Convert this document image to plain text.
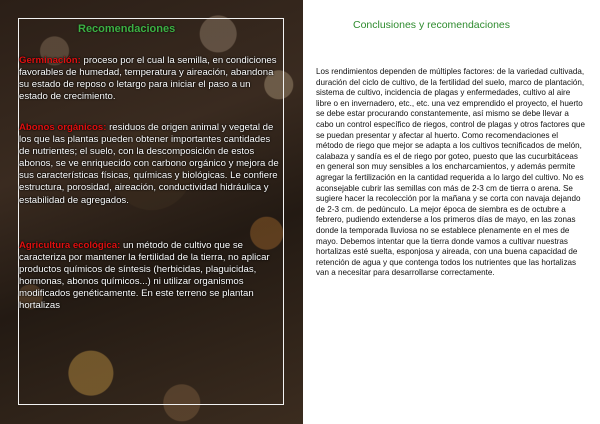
Recomendaciones
Germinación: proceso por el cual la semilla, en condiciones favorables de humedad, temperatura y aireación, abandona su estado de reposo o letargo para iniciar el paso a un estado de crecimiento.
Abonos orgánicos: residuos de origen animal y vegetal de los que las plantas pueden obtener importantes cantidades de nutrientes; el suelo, con la descomposición de estos abonos, se ve enriquecido con carbono orgánico y mejora de sus características físicas, químicas y biológicas. Le confiere estructura, porosidad, aireación, conductividad hidráulica y estabilidad de agregados.
Agricultura ecológica: un método de cultivo que se caracteriza por mantener la fertilidad de la tierra, no aplicar productos químicos de síntesis (herbicidas, plaguicidas, hormonas, abonos químicos...) ni utilizar organismos modificados genéticamente. En este terreno se plantan hortalizas
Conclusiones y recomendaciones
Los rendimientos dependen de múltiples factores: de la variedad cultivada, duración del ciclo de cultivo, de la fertilidad del suelo, marco de plantación, sistema de cultivo, incidencia de plagas y enfermedades, cultivo al aire libre o en invernadero, etc., etc. una vez emprendido el proyecto, el huerto se debe estar procurando constantemente, así mismo se debe llevar a cabo un control específico de riegos, control de plagas y otros factores que se puedan presentar y afectar al huerto. Como recomendaciones el método de riego que mejor se adapta a los cultivos tecnificados de melón, calabaza y sandía es el de riego por goteo, puesto que las cucurbitáceas en general son muy sensibles a los encharcamientos, y además permite agregar la fertilización en la cantidad requerida a lo largo del cultivo. No es aconsejable cubrir las semillas con más de 2-3 cm de tierra o arena. Se sugiere hacer la recolección por la mañana y se corta con navaja dejando de 2-3 cm. de pedúnculo. La mejor época de siembra es de octubre a febrero, pudiendo extenderse a los primeros días de mayo, en las zonas donde la temporada lluviosa no se establece plenamente en el mes de mayo. Debemos intentar que la tierra donde vamos a cultivar nuestras hortalizas esté suelta, esponjosa y aireada, con una buena capacidad de retención de agua y que contenga todos los nutrientes que las hortalizas van a necesitar para desarrollarse correctamente.
